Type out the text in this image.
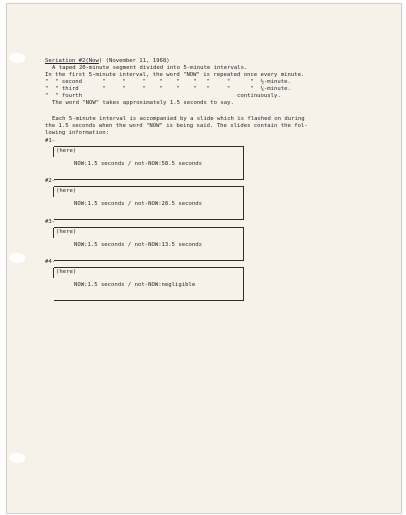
Seriation #2(Now) (November 11, 1968)
A taped 20-minute segment divided into 5-minute intervals.
In the first 5-minute interval, the word "NOW" is repeated once every minute.
"  " second      "     "     "    "    "    "   "     "      "  ½-minute.
"  " third       "     "     "    "    "    "   "     "      "  ¼-minute.
"  " fourth                                              continuously.
The word "NOW" takes approximately 1.5 seconds to say.
Each 5-minute interval is accompanied by a slide which is flashed on during
the 1.5 seconds when the word "NOW" is being said. The slides contain the fol-
lowing information:
#1-
(here)
NOW:1.5 seconds / not-NOW:58.5 seconds
#2-
(here)
NOW:1.5 seconds / not-NOW:28.5 seconds
#3-
(here)
NOW:1.5 seconds / not-NOW:13.5 seconds
#4-
(here)
NOW:1.5 seconds / not-NOW:negligible
